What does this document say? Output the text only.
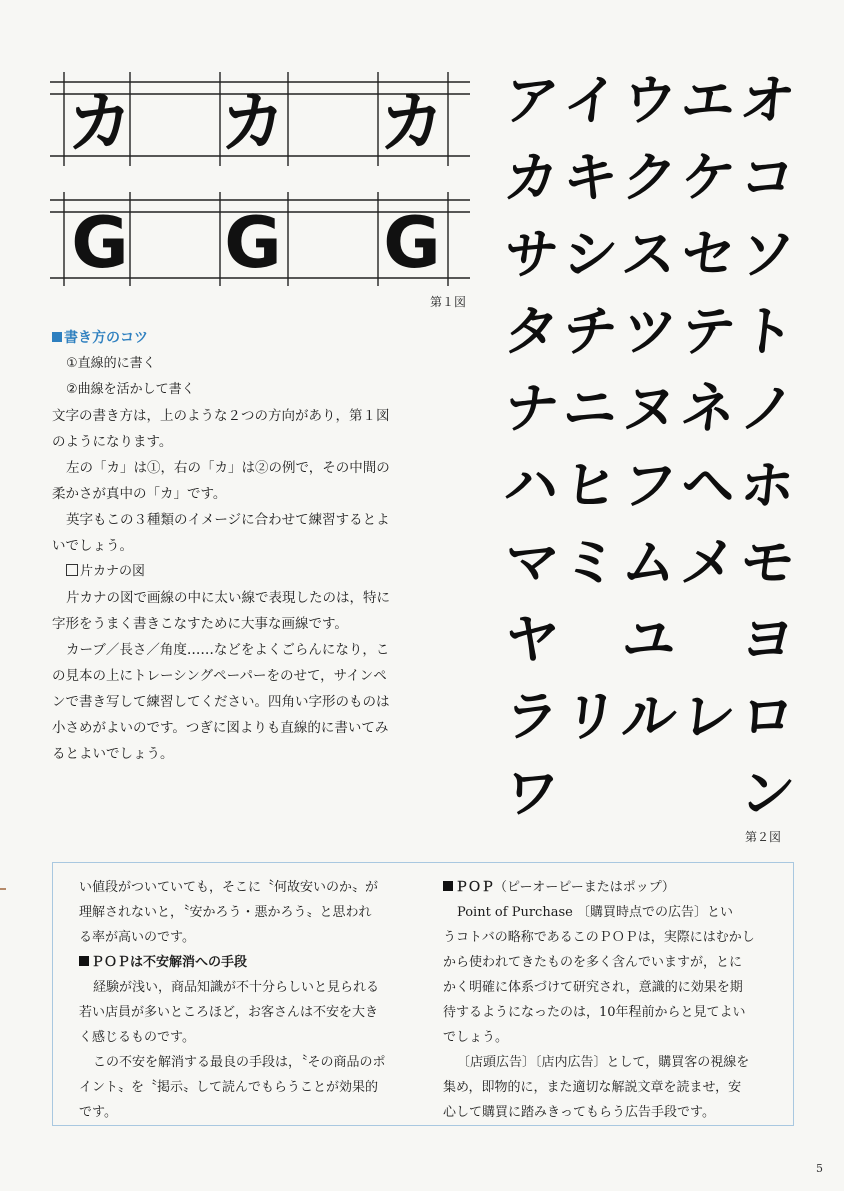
カ カ カ
G G G
第１図

書き方のコツ

①直線的に書く

②曲線を活かして書く

文字の書き方は，上のような２つの方向があり，第１図

のようになります。

左の「カ」は①，右の「カ」は②の例で，その中間の

柔かさが真中の「カ」です。

英字もこの３種類のイメージに合わせて練習するとよ

いでしょう。

片カナの図

片カナの図で画線の中に太い線で表現したのは，特に

字形をうまく書きこなすために大事な画線です。

カーブ／長さ／角度……などをよくごらんになり，こ

の見本の上にトレーシングペーパーをのせて，サインペ

ンで書き写して練習してください。四角い字形のものは

小さめがよいのです。つぎに図よりも直線的に書いてみ

るとよいでしょう。

ア
イ
ウ
エ
オ
カ
キ
ク
ケ
コ
サ
シ
ス
セ
ソ
タ
チ
ツ
テ
ト
ナ
ニ
ヌ
ネ
ノ
ハ
ヒ
フ
ヘ
ホ
マ
ミ
ム
メ
モ
ヤ ユ ヨ
ラ
リ
ル
レ
ロ
ワ	ン
第２図

い値段がついていても，そこに〝何故安いのか〟が

理解されないと，〝安かろう・悪かろう〟と思われ

る率が高いのです。

ＰＯＰは不安解消への手段

経験が浅い，商品知識が不十分らしいと見られる

若い店員が多いところほど，お客さんは不安を大き

く感じるものです。

この不安を解消する最良の手段は，〝その商品のポ

イント〟を〝掲示〟して読んでもらうことが効果的

です。

ＰＯＰ（ピーオーピーまたはポップ）

Point of Purchase 〔購買時点での広告〕とい

うコトバの略称であるこのＰＯＰは，実際にはむかし

から使われてきたものを多く含んでいますが，とに

かく明確に体系づけて研究され，意識的に効果を期

待するようになったのは，10年程前からと見てよい

でしょう。

〔店頭広告〕〔店内広告〕として，購買客の視線を

集め，即物的に，また適切な解説文章を読ませ，安

心して購買に踏みきってもらう広告手段です。

5
